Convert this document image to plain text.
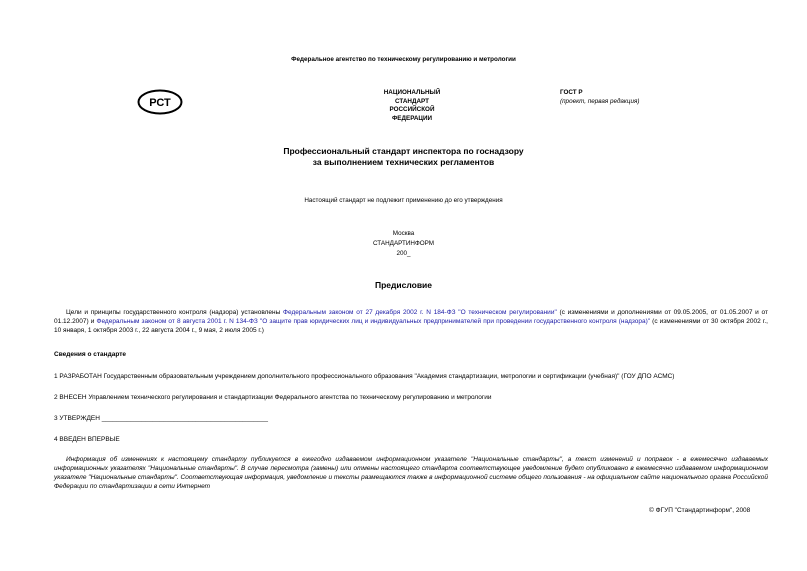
Федеральное агентство по техническому регулированию и метрологии
РСТ
НАЦИОНАЛЬНЫЙ
СТАНДАРТ
РОССИЙСКОЙ
ФЕДЕРАЦИИ
ГОСТ Р
(проект, первая редакция)
Профессиональный стандарт инспектора по госнадзору
за выполнением технических регламентов
Настоящий стандарт не подлежит применению до его утверждения
Москва
СТАНДАРТИНФОРМ
200_
Предисловие
Цели и принципы государственного контроля (надзора) установлены Федеральным законом от 27 декабря 2002 г. N 184-ФЗ "О техническом регулировании" (с изменениями и дополнениями от 09.05.2005, от 01.05.2007 и от 01.12.2007) и Федеральным законом от 8 августа 2001 г. N 134-ФЗ "О защите прав юридических лиц и индивидуальных предпринимателей при проведении государственного контроля (надзора)" (с изменениями от 30 октября 2002 г., 10 января, 1 октября 2003 г., 22 августа 2004 г., 9 мая, 2 июля 2005 г.)
Сведения о стандарте
1 РАЗРАБОТАН Государственным образовательным учреждением дополнительного профессионального образования "Академия стандартизации, метрологии и сертификации (учебная)" (ГОУ ДПО АСМС)
2 ВНЕСЕН Управлением технического регулирования и стандартизации Федерального агентства по техническому регулированию и метрологии
3 УТВЕРЖДЕН ______________________________________________
4 ВВЕДЕН ВПЕРВЫЕ
Информация об изменениях к настоящему стандарту публикуется в ежегодно издаваемом информационном указателе "Национальные стандарты", а текст изменений и поправок - в ежемесячно издаваемых информационных указателях "Национальные стандарты". В случае пересмотра (замены) или отмены настоящего стандарта соответствующее уведомление будет опубликовано в ежемесячно издаваемом информационном указателе "Национальные стандарты". Соответствующая информация, уведомление и тексты размещаются также в информационной системе общего пользования - на официальном сайте национального органа Российской Федерации по стандартизации в сети Интернет
© ФГУП "Стандартинформ", 2008
